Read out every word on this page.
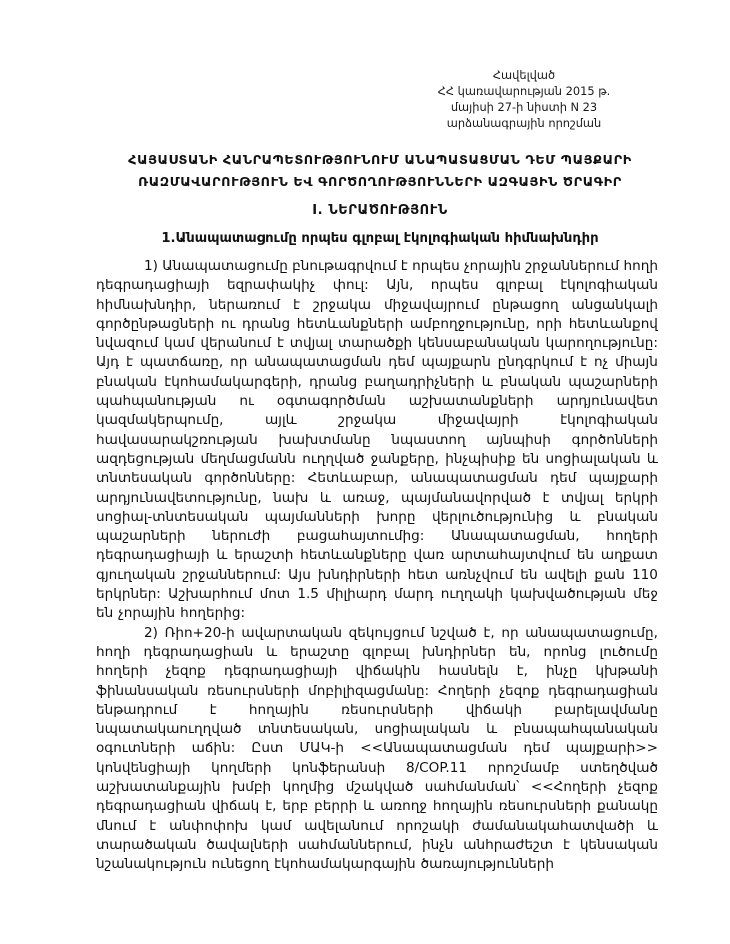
Հավելված
ՀՀ կառավարության 2015 թ.
մայիսի 27-ի նիստի N 23
արձանագրային որոշման
ՀԱՅԱՍՏԱՆԻ ՀԱՆՐԱՊԵՏՈՒԹՅՈՒՆՈՒՄ ԱՆԱՊԱՏԱՑՄԱՆ ԴԵՄ ՊԱՅՔԱՐԻ
ՌԱԶՄԱՎԱՐՈՒԹՅՈՒՆ ԵՎ ԳՈՐԾՈՂՈՒԹՅՈՒՆՆԵՐԻ ԱԶԳԱՅԻՆ ԾՐԱԳԻՐ
I. ՆԵՐԱԾՈՒԹՅՈՒՆ
1.Անապատացումը որպես գլոբալ էկոլոգիական հիմնախնդիր
1) Անապատացումը բնութագրվում է որպես չորային շրջաններում հողի
դեգրադացիայի եզրափակիչ փուլ: Այն, որպես գլոբալ էկոլոգիական
հիմնախնդիր, ներառում է շրջակա միջավայրում ընթացող անցանկալի
գործընթացների ու դրանց հետևանքների ամբողջությունը, որի հետևանքով
նվազում կամ վերանում է տվյալ տարածքի կենսաբանական կարողությունը:
Այդ է պատճառը, որ անապատացման դեմ պայքարն ընդգրկում է ոչ միայն
բնական էկոհամակարգերի, դրանց բաղադրիչների և բնական պաշարների
պահպանության ու օգտագործման աշխատանքների արդյունավետ
կազմակերպումը,	այլև	շրջակա	միջավայրի	էկոլոգիական
հավասարակշռության խախտմանը նպաստող այնպիսի գործոնների
ազդեցության մեղմացմանն ուղղված ջանքերը, ինչպիսիք են սոցիալական և
տնտեսական գործոնները: Հետևաբար, անապատացման դեմ պայքարի
արդյունավետությունը, նախ և առաջ, պայմանավորված է տվյալ երկրի
սոցիալ-տնտեսական պայմանների խորը վերլուծությունից և բնական
պաշարների ներուժի բացահայտումից: Անապատացման, հողերի
դեգրադացիայի և երաշտի հետևանքները վառ արտահայտվում են աղքատ
գյուղական շրջաններում: Այս խնդիրների հետ առնչվում են ավելի քան 110
երկրներ: Աշխարհում մոտ 1.5 միլիարդ մարդ ուղղակի կախվածության մեջ
են չորային հողերից:
2) Ռիո+20-ի ավարտական զեկույցում նշված է, որ անապատացումը,
հողի դեգրադացիան և երաշտը գլոբալ խնդիրներ են, որոնց լուծումը
հողերի չեզոք դեգրադացիայի վիճակին հասնելն է, ինչը կխթանի
ֆինանսական ռեսուրսների մոբիլիզացմանը: Հողերի չեզոք դեգրադացիան
ենթադրում է հողային ռեսուրսների վիճակի բարելավմանը
նպատակաուղղված տնտեսական, սոցիալական և բնապահպանական
օգուտների աճին: Ըստ ՄԱԿ-ի <<Անապատացման դեմ պայքարի>>
կոնվենցիայի կողմերի կոնֆերանսի 8/COP.11 որոշմամբ ստեղծված
աշխատանքային խմբի կողմից մշակված սահմանման՝ <<Հողերի չեզոք
դեգրադացիան վիճակ է, երբ բերրի և առողջ հողային ռեսուրսների քանակը
մնում է անփոփոխ կամ ավելանում որոշակի ժամանակահատվածի և
տարածական ծավալների սահմաններում, ինչն անհրաժեշտ է կենսական
նշանակություն ունեցող էկոհամակարգային ծառայությունների
